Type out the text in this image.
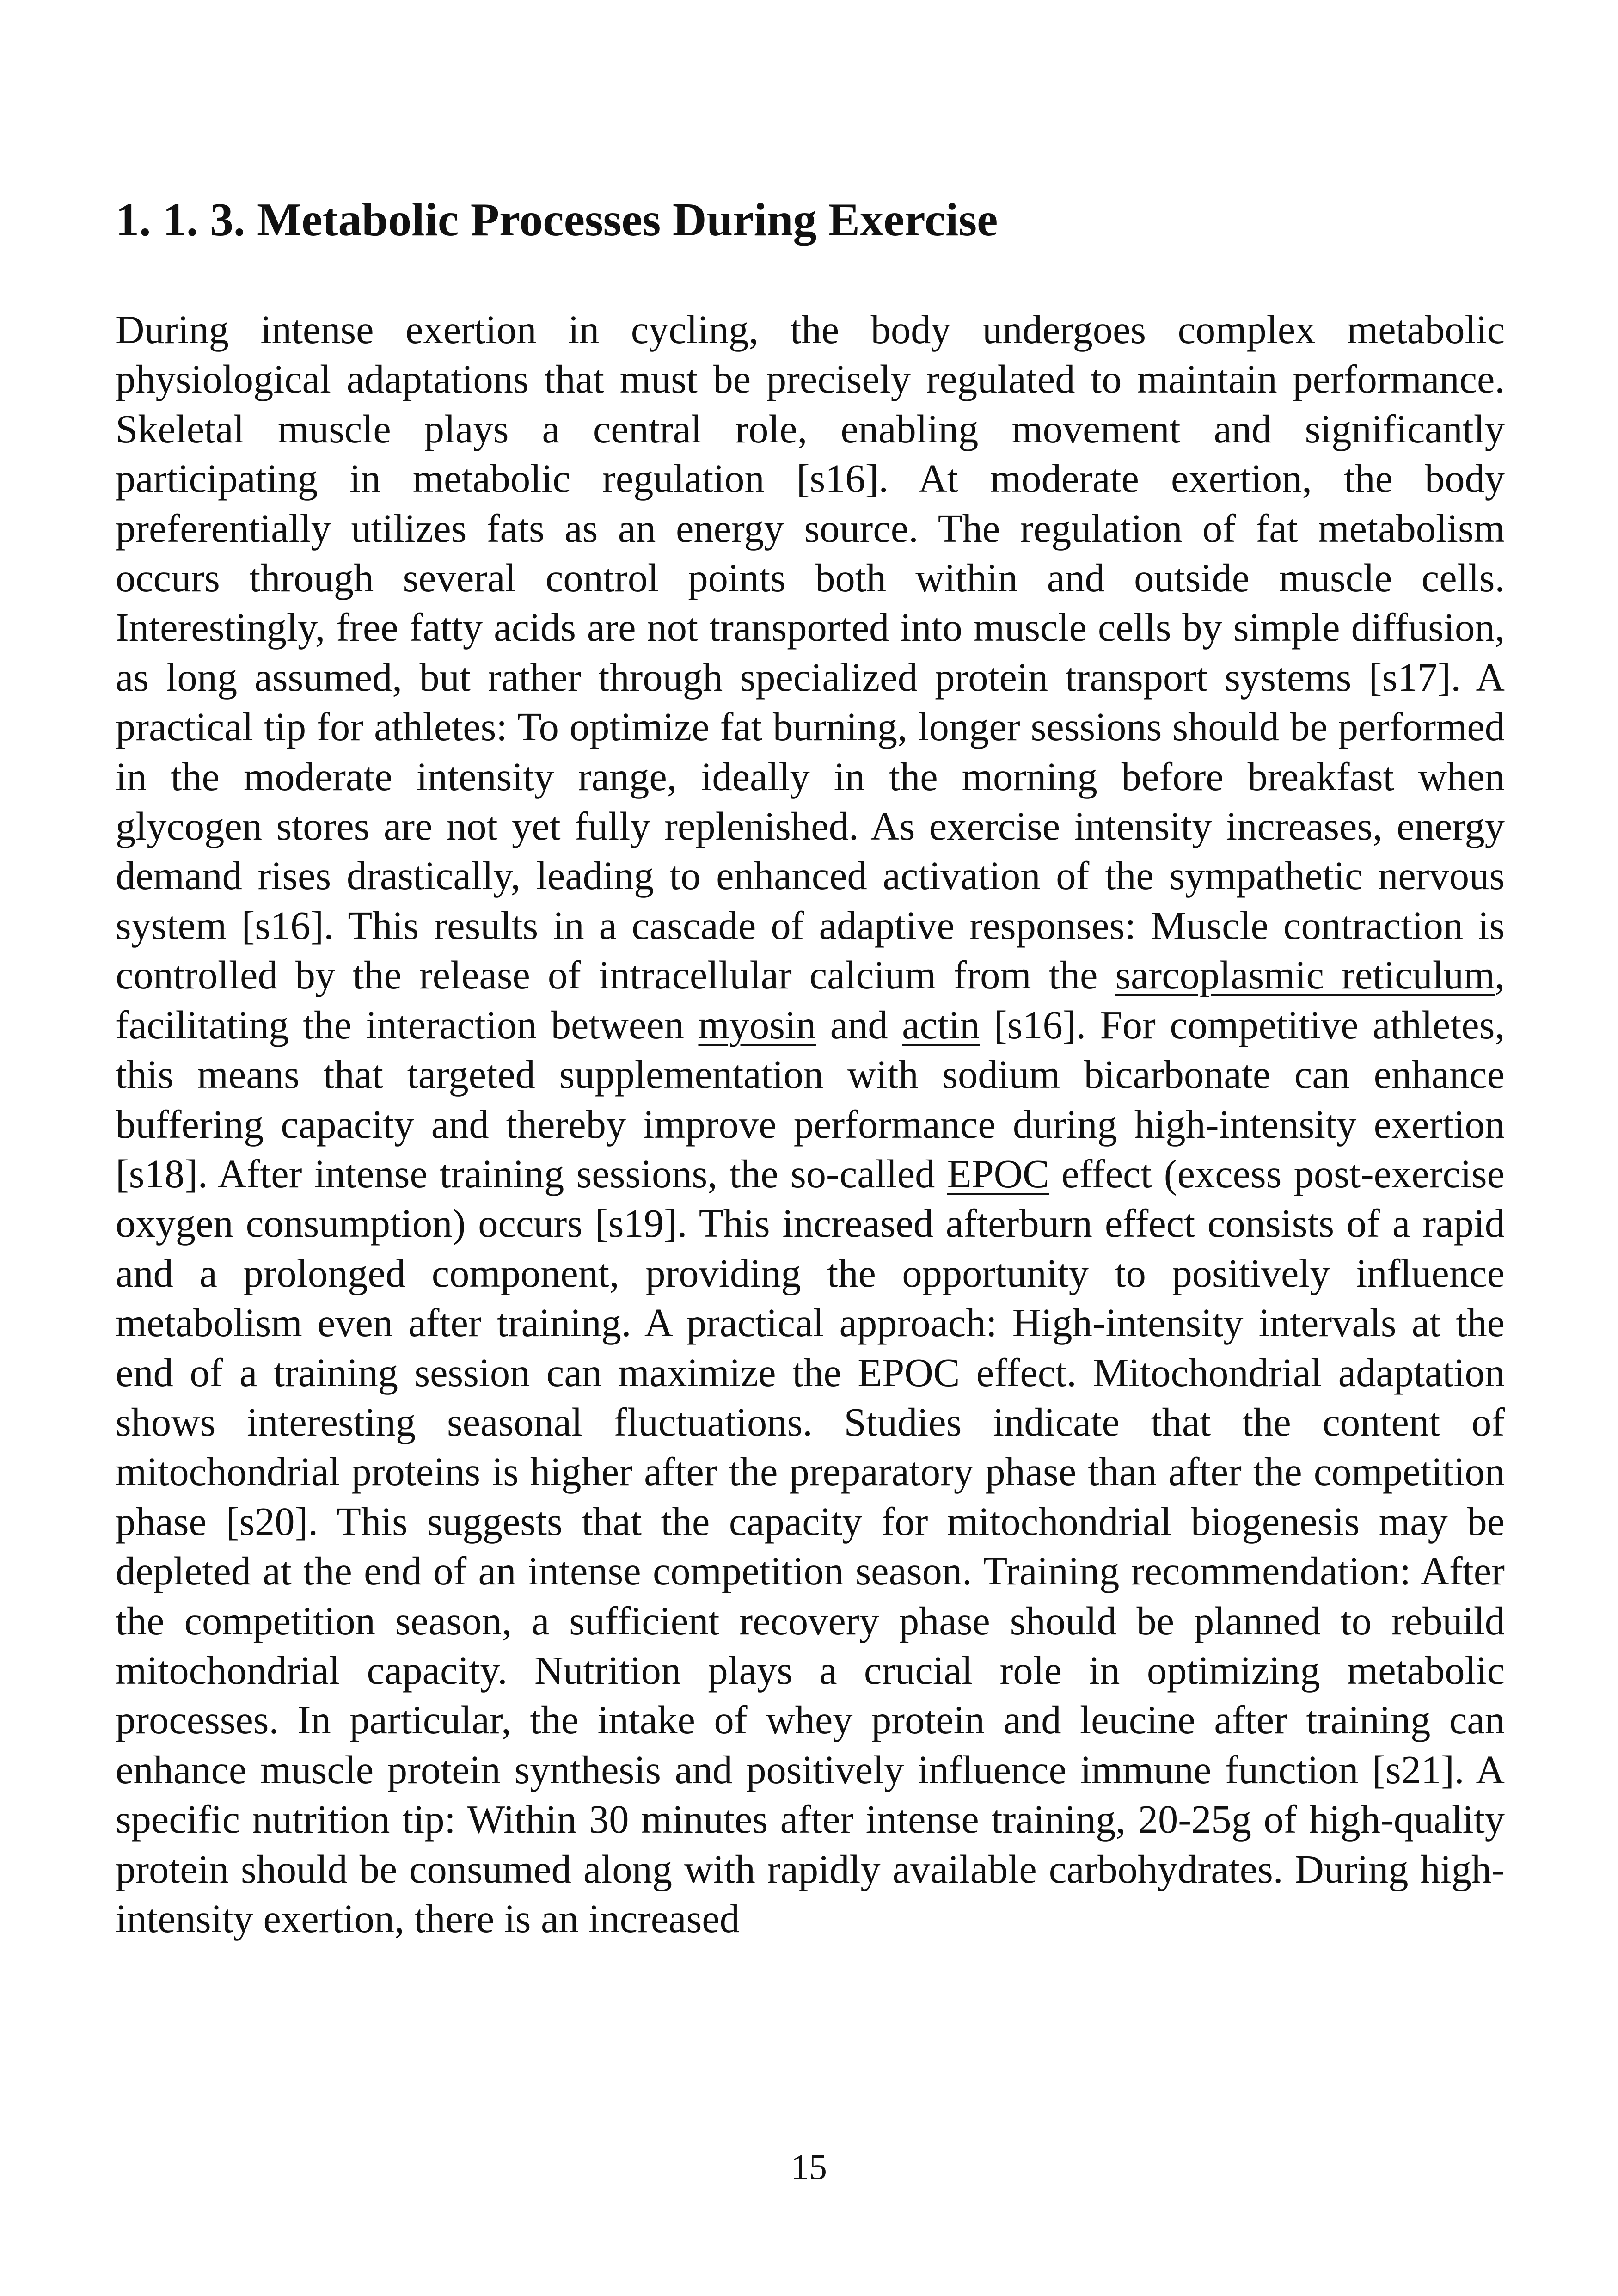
1. 1. 3. Metabolic Processes During Exercise

During intense exertion in cycling, the body undergoes complex metabolic physiological adaptations that must be precisely regulated to maintain performance. Skeletal muscle plays a central role, enabling movement and significantly participating in metabolic regulation [s16]. At moderate exertion, the body preferentially utilizes fats as an energy source. The regulation of fat metabolism occurs through several control points both within and outside muscle cells. Interestingly, free fatty acids are not transported into muscle cells by simple diffusion, as long assumed, but rather through specialized protein transport systems [s17]. A practical tip for athletes: To optimize fat burning, longer sessions should be performed in the moderate intensity range, ideally in the morning before breakfast when glycogen stores are not yet fully replenished. As exercise intensity increases, energy demand rises drastically, leading to enhanced activation of the sympathetic nervous system [s16]. This results in a cascade of adaptive responses: Muscle contraction is controlled by the release of intracellular calcium from the sarcoplasmic reticulum, facilitating the interaction between myosin and actin [s16]. For competitive athletes, this means that targeted supplementation with sodium bicarbonate can enhance buffering capacity and thereby improve performance during high-intensity exertion [s18]. After intense training sessions, the so-called EPOC effect (excess post-exercise oxygen consumption) occurs [s19]. This increased afterburn effect consists of a rapid and a prolonged component, providing the opportunity to positively influence metabolism even after training. A practical approach: High-intensity intervals at the end of a training session can maximize the EPOC effect. Mitochondrial adaptation shows interesting seasonal fluctuations. Studies indicate that the content of mitochondrial proteins is higher after the preparatory phase than after the competition phase [s20]. This suggests that the capacity for mitochondrial biogenesis may be depleted at the end of an intense competition season. Training recommendation: After the competition season, a sufficient recovery phase should be planned to rebuild mitochondrial capacity. Nutrition plays a crucial role in optimizing metabolic processes. In particular, the intake of whey protein and leucine after training can enhance muscle protein synthesis and positively influence immune function [s21]. A specific nutrition tip: Within 30 minutes after intense training, 20-25g of high-quality protein should be consumed along with rapidly available carbohydrates. During high-intensity exertion, there is an increased

15
